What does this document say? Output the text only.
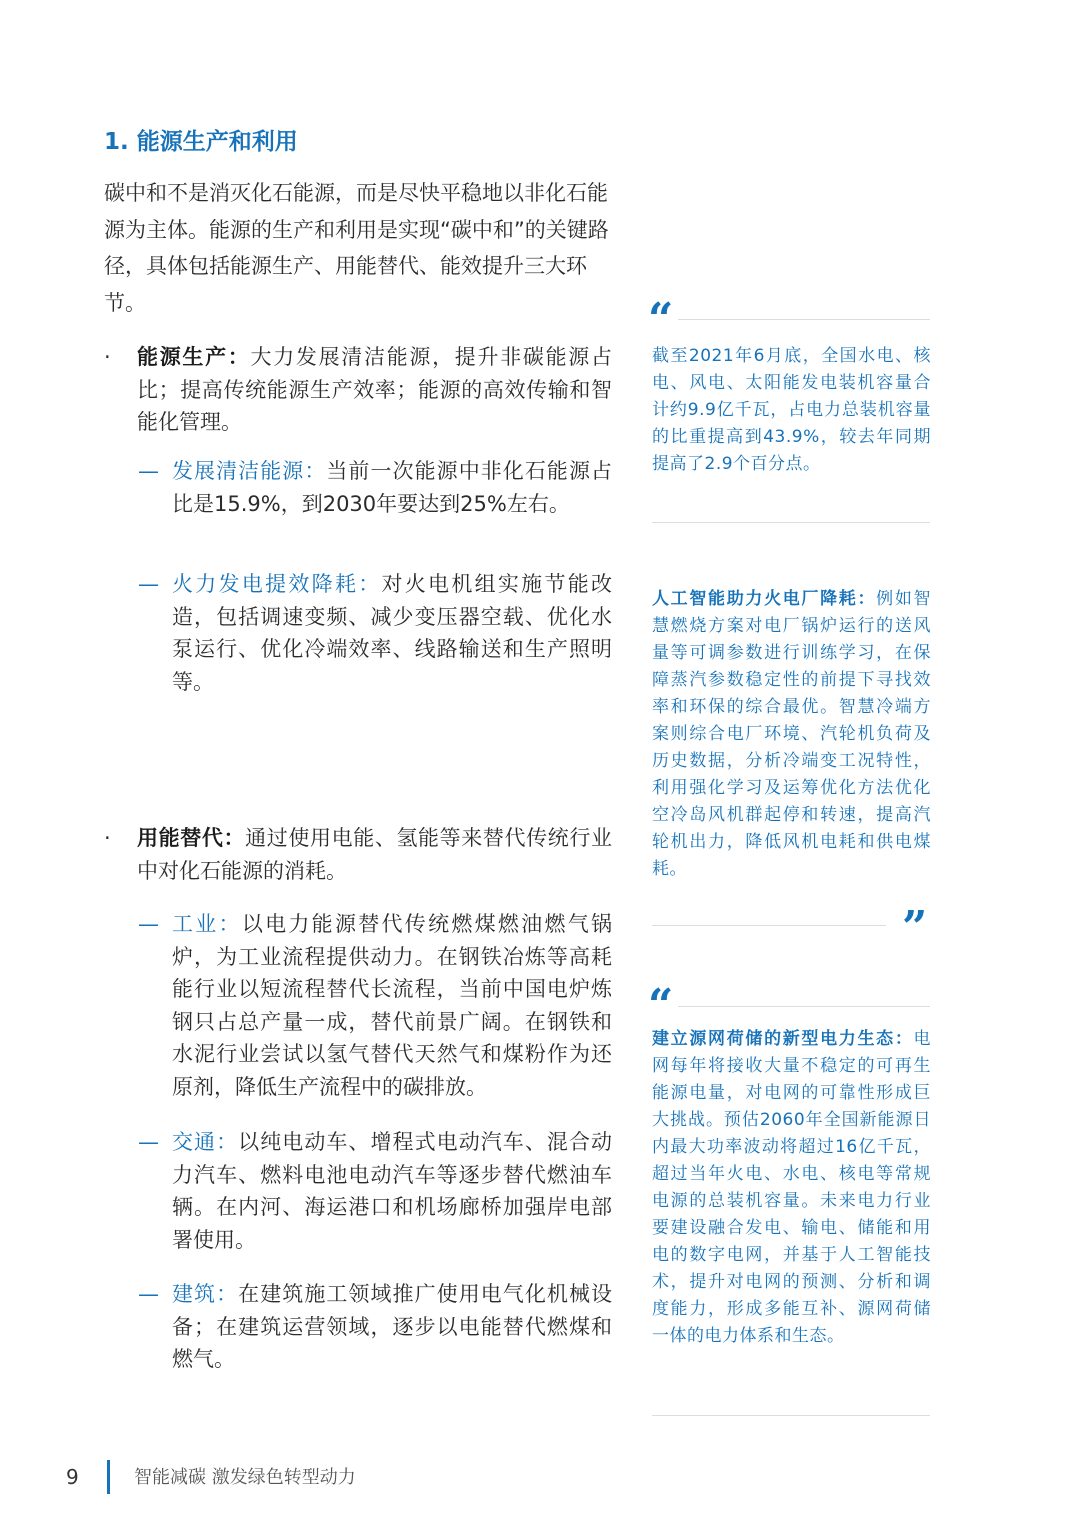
1. 能源生产和利用

碳中和不是消灭化石能源，而是尽快平稳地以非化石能源为主体。能源的生产和利用是实现“碳中和”的关键路径，具体包括能源生产、用能替代、能效提升三大环节。

·	能源生产：大力发展清洁能源，提升非碳能源占比；提高传统能源生产效率；能源的高效传输和智能化管理。
— 发展清洁能源：当前一次能源中非化石能源占比是15.9%，到2030年要达到25%左右。
— 火力发电提效降耗：对火电机组实施节能改造，包括调速变频、减少变压器空载、优化水泵运行、优化冷端效率、线路输送和生产照明等。
·	用能替代：通过使用电能、氢能等来替代传统行业中对化石能源的消耗。
— 工业：以电力能源替代传统燃煤燃油燃气锅炉，为工业流程提供动力。在钢铁冶炼等高耗能行业以短流程替代长流程，当前中国电炉炼钢只占总产量一成，替代前景广阔。在钢铁和水泥行业尝试以氢气替代天然气和煤粉作为还原剂，降低生产流程中的碳排放。
— 交通：以纯电动车、增程式电动汽车、混合动力汽车、燃料电池电动汽车等逐步替代燃油车辆。在内河、海运港口和机场廊桥加强岸电部署使用。
— 建筑：在建筑施工领域推广使用电气化机械设备；在建筑运营领域，逐步以电能替代燃煤和燃气。
“

截至2021年6月底，全国水电、核电、风电、太阳能发电装机容量合计约9.9亿千瓦，占电力总装机容量的比重提高到43.9%，较去年同期提高了2.9个百分点。

人工智能助力火电厂降耗：例如智慧燃烧方案对电厂锅炉运行的送风量等可调参数进行训练学习，在保障蒸汽参数稳定性的前提下寻找效率和环保的综合最优。智慧冷端方案则综合电厂环境、汽轮机负荷及历史数据，分析冷端变工况特性，利用强化学习及运筹优化方法优化空冷岛风机群起停和转速，提高汽轮机出力，降低风机电耗和供电煤耗。

”
“

建立源网荷储的新型电力生态：电网每年将接收大量不稳定的可再生能源电量，对电网的可靠性形成巨大挑战。预估2060年全国新能源日内最大功率波动将超过16亿千瓦，超过当年火电、水电、核电等常规电源的总装机容量。未来电力行业要建设融合发电、输电、储能和用电的数字电网，并基于人工智能技术，提升对电网的预测、分析和调度能力，形成多能互补、源网荷储一体的电力体系和生态。

9	智能减碳 激发绿色转型动力
